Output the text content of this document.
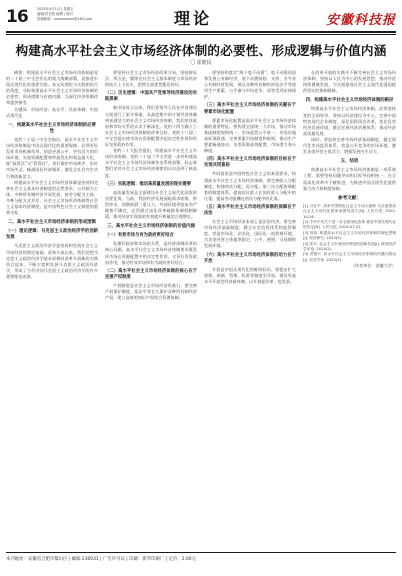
16	2025年4月11日 星期五
编辑/责任校 编辑 / 校对
投稿邮箱：xxxxxxxxxx@163.com	理论	安徽科技报
构建高水平社会主义市场经济体制的必要性、形成逻辑与价值内涵
〇 崔皓民

摘要：构建高水平社会主义市场经济体制是党的二十届三中全会作出的重大战略部署，是推进中国式现代化的重要内容。本文从理论与实践相结合的角度，分析构建高水平社会主义市场经济体制的必要性、形成逻辑与价值内涵，为深化经济体制改革提供参考。

关键词：市场经济；高水平；经济体制；中国式现代化

一、构建高水平社会主义市场经济体制的必要性

党的二十届三中全会指出，高水平社会主义市场经济体制是中国式现代化的重要保障。必须更好发挥市场机制作用，创造更加公平、更有活力的市场环境，实现资源配置效率最优化和效益最大化，既“放得活”又“管得住”，更好维护市场秩序、弥补市场失灵，畅通国民经济循环，激发全社会内生动力和创新活力。

构建高水平社会主义市场经济体制是坚持和完善社会主义基本经济制度的必然要求。公有制为主体、多种所有制经济共同发展，按劳分配为主体、多种分配方式并存，社会主义市场经济体制等社会主义基本经济制度，是中国特色社会主义制度的重要支柱。

二、高水平社会主义市场经济体制的形成逻辑
（一）理论逻辑：马克思主义政治经济学的创新发展

马克思主义政治经济学是坚持和发展社会主义市场经济的理论基础。改革开放以来，我们党把马克思主义政治经济学基本原理同改革开放新的实践结合起来，不断丰富和发展马克思主义政治经济学，形成了当代中国马克思主义政治经济学的许多重要理论成果。

要坚持社会主义市场经济改革方向，坚持辩证法、两点论，继续在社会主义基本制度与市场经济的结合上下功夫，把两方面优势都发挥好。

（二）历史逻辑：中国共产党领导经济建设的实践探索

新中国成立以来，我们党领导人民在经济建设方面进行了艰辛探索。从高度集中的计划经济体制到充满活力的社会主义市场经济体制，我们党对政府和市场关系的认识不断深化。党的十四大确立了社会主义市场经济体制的改革目标，党的十八届三中全会提出使市场在资源配置中起决定性作用和更好发挥政府作用。

党的二十大报告提出，构建高水平社会主义市场经济体制。党的二十届三中全会进一步对构建高水平社会主义市场经济体制作出系统部署，标志着我们党对社会主义市场经济规律的认识达到了新高度。

（三）实践逻辑：推动高质量发展的现实需要

高质量发展是全面建设社会主义现代化国家的首要任务。当前，我国经济发展面临需求收缩、供给冲击、预期转弱三重压力，外部环境更趋复杂严峻和不确定，必须通过深化改革破除体制机制障碍，推动经济实现质的有效提升和量的合理增长。

三、高水平社会主义市场经济体制的价值内涵
（一）有效市场与有为政府更好结合

处理好政府和市场的关系，是经济体制改革的核心问题。高水平社会主义市场经济体制要求既发挥市场在资源配置中的决定性作用，又更好发挥政府作用，推动有效市场和有为政府更好结合。

（二）高水平社会主义市场经济体制的核心在于完善产权制度

产权制度是社会主义市场经济的基石。要完善产权保护制度，依法平等长久保护各种所有制经济产权，建立高效的知识产权综合管理体制。

要坚持和落实“两个毫不动摇”，毫不动摇巩固和发展公有制经济，毫不动摇鼓励、支持、引导非公有制经济发展，保证各种所有制经济依法平等使用生产要素、公平参与市场竞争、同等受到法律保护。

（三）高水平社会主义市场经济体制的关键在于要素市场化配置

要素市场化配置是高水平社会主义市场经济体制的重要特征。要构建全国统一大市场，推动市场基础制度规则统一、市场监管公平统一、市场设施高标准联通。完善要素市场制度和规则，推动生产要素畅通流动、各类资源高效配置、市场潜力充分释放。

（四）高水平社会主义市场经济体制的目标在于实现共同富裕

共同富裕是中国特色社会主义的本质要求。构建高水平社会主义市场经济体制，要完善收入分配制度，构建初次分配、再分配、第三次分配协调配套的制度体系，提高居民收入在国民收入分配中的比重，提高劳动报酬在初次分配中的比重。

（五）高水平社会主义市场经济体制的保障在于法治

社会主义市场经济本质上是法治经济。要完善市场经济基础制度，健全社会信用体系和监管制度，营造市场化、法治化、国际化一流营商环境，为各类经营主体提供稳定、公平、透明、可预期的发展环境。

（六）高水平社会主义市场经济体制的动力在于开放

开放是中国式现代化的鲜明标识。要稳步扩大规则、规制、管理、标准等制度型开放，建设更高水平开放型经济新体制，以开放促改革、促发展。

在改革开放的实践中不断完善社会主义市场经济体制，坚持以人民为中心的发展思想，推动经济持续健康发展，为全面建成社会主义现代化强国提供坚实的体制保障。

四、构建高水平社会主义市场经济体制的路径

构建高水平社会主义市场经济体制，必须坚持党的全面领导，坚持以经济建设为中心，完善中国特色现代企业制度，深化国资国企改革，优化民营经济发展环境，健全宏观经济治理体系，推动经济高质量发展。

同时，要加快完善市场经济基础制度，健全现代化市场监管体系，营造公平竞争的市场环境，激发各类经营主体活力，增强发展内生动力。

五、结语

构建高水平社会主义市场经济体制是一项系统工程，需要坚持问题导向和目标导向相统一，在全面深化改革中不断推进，为推进中国式现代化提供强大动力和制度保障。

参考文献：
[1] 习近平. 高举中国特色社会主义伟大旗帜 为全面建设社会主义现代化国家而团结奋斗[N]. 人民日报, 2022-10-26.
[2] 中共中央关于进一步全面深化改革 推进中国式现代化的决定[N]. 人民日报, 2024-07-22.
[3] 刘伟. 构建高水平社会主义市场经济体制的理论逻辑[J]. 经济研究, 2023(5).
[4] 张宇. 社会主义市场经济理论的创新发展[J]. 政治经济学评论, 2024(2).
[5] 洪银兴. 高水平社会主义市场经济体制的内涵与路径[J]. 经济学家, 2024(3).

（作者单位：安徽大学）

本刊地址：安徽省合肥市蜀山区 | 邮编 230031 | 广告许可证 | 印刷：新华印刷厂 | 定价：2.00元
